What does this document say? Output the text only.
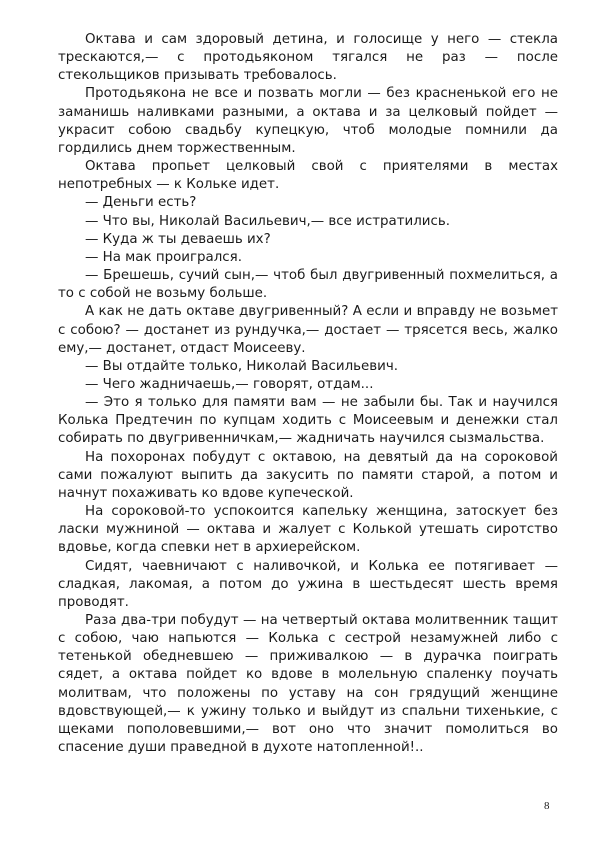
Октава и сам здоровый детина, и голосище у него — стекла трескаются,— с протодьяконом тягался не раз — после стекольщиков призывать требовалось.

Протодьякона не все и позвать могли — без красненькой его не заманишь наливками разными, а октава и за целковый пойдет — украсит собою свадьбу купецкую, чтоб молодые помнили да гордились днем торжественным.

Октава пропьет целковый свой с приятелями в местах непотребных — к Кольке идет.

— Деньги есть?

— Что вы, Николай Васильевич,— все истратились.

— Куда ж ты деваешь их?

— На мак проигрался.

— Брешешь, сучий сын,— чтоб был двугривенный похмелиться, а то с собой не возьму больше.

А как не дать октаве двугривенный? А если и вправду не возьмет с собою? — достанет из рундучка,— достает — трясется весь, жалко ему,— достанет, отдаст Моисееву.

— Вы отдайте только, Николай Васильевич.

— Чего жадничаешь,— говорят, отдам...

— Это я только для памяти вам — не забыли бы. Так и научился Колька Предтечин по купцам ходить с Моисеевым и денежки стал собирать по двугривенничкам,— жадничать научился сызмальства.

На похоронах побудут с октавою, на девятый да на сороковой сами пожалуют выпить да закусить по памяти старой, а потом и начнут похаживать ко вдове купеческой.

На сороковой-то успокоится капельку женщина, затоскует без ласки мужниной — октава и жалует с Колькой утешать сиротство вдовье, когда спевки нет в архиерейском.

Сидят, чаевничают с наливочкой, и Колька ее потягивает — сладкая, лакомая, а потом до ужина в шестьдесят шесть время проводят.

Раза два-три побудут — на четвертый октава молитвенник тащит с собою, чаю напьются — Колька с сестрой незамужней либо с тетенькой обедневшею — приживалкою — в дурачка поиграть сядет, а октава пойдет ко вдове в молельную спаленку поучать молитвам, что положены по уставу на сон грядущий женщине вдовствующей,— к ужину только и выйдут из спальни тихенькие, с щеками пополовевшими,— вот оно что значит помолиться во спасение души праведной в духоте натопленной!..

8
